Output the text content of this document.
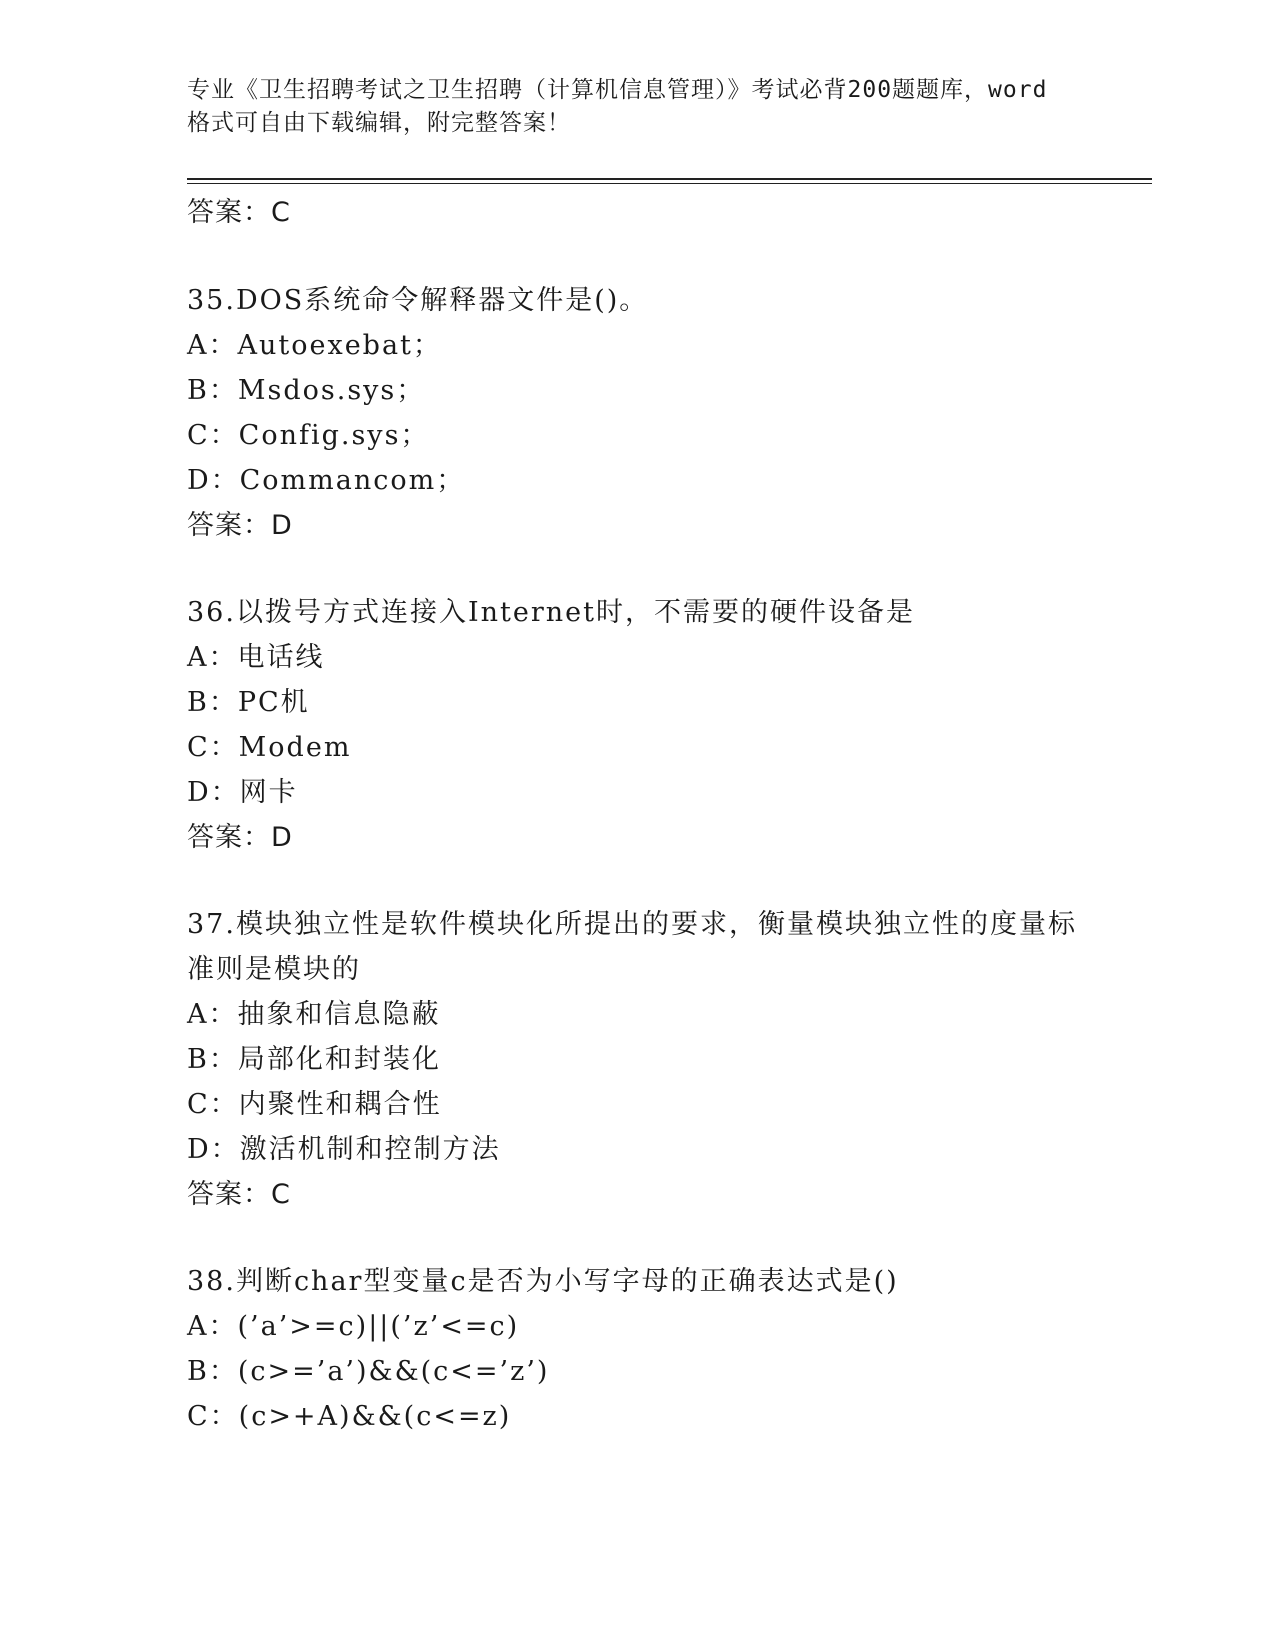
专业《卫生招聘考试之卫生招聘（计算机信息管理）》考试必背200题题库，word
格式可自由下载编辑，附完整答案！

答案：C

35.DOS系统命令解释器文件是()。

A：Autoexebat；

B：Msdos.sys；

C：Config.sys；

D：Commancom；

答案：D

36.以拨号方式连接入Internet时，不需要的硬件设备是

A：电话线

B：PC机

C：Modem

D：网卡

答案：D

37.模块独立性是软件模块化所提出的要求，衡量模块独立性的度量标

准则是模块的

A：抽象和信息隐蔽

B：局部化和封装化

C：内聚性和耦合性

D：激活机制和控制方法

答案：C

38.判断char型变量c是否为小写字母的正确表达式是()

A：(’a’>=c)||(’z’<=c)

B：(c>=’a’)&&(c<=’z’)

C：(c>+A)&&(c<=z)
